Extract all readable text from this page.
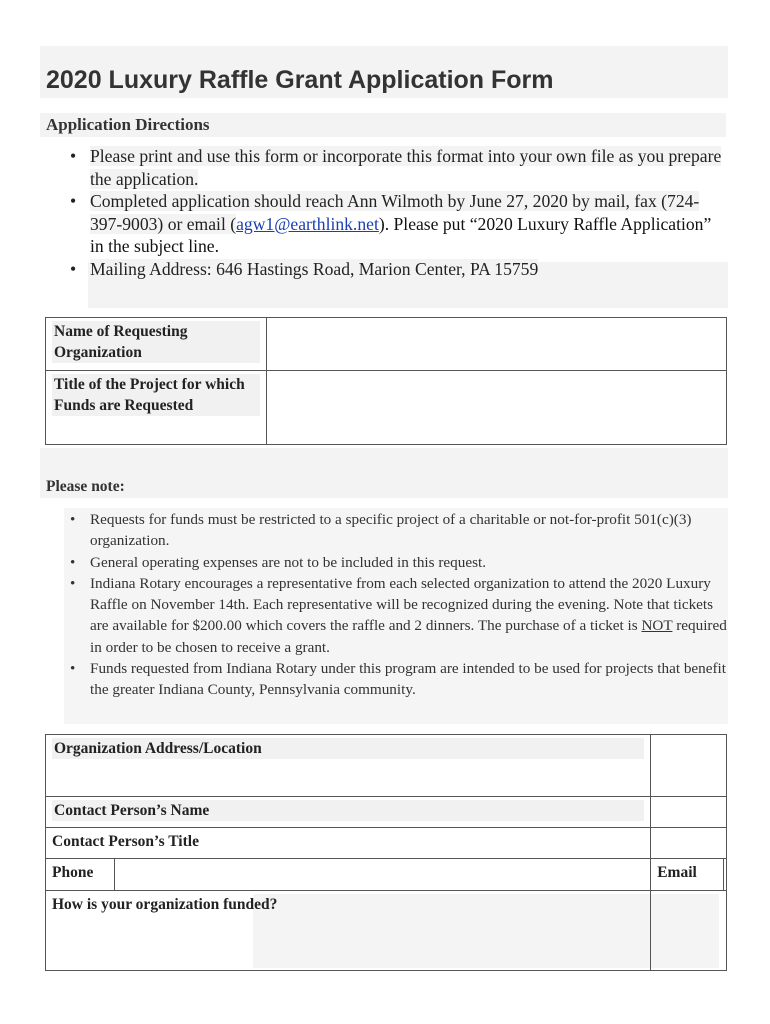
2020 Luxury Raffle Grant Application Form
Application Directions
• Please print and use this form or incorporate this format into your own file as you prepare the application.
• Completed application should reach Ann Wilmoth by June 27, 2020 by mail, fax (724-397-9003) or email (agw1@earthlink.net). Please put “2020 Luxury Raffle Application” in the subject line.
• Mailing Address: 646 Hastings Road, Marion Center, PA 15759
Name of Requesting Organization	

Title of the Project for which Funds are Requested	

Please note:
• Requests for funds must be restricted to a specific project of a charitable or not-for-profit 501(c)(3) organization.
• General operating expenses are not to be included in this request.
• Indiana Rotary encourages a representative from each selected organization to attend the 2020 Luxury Raffle on November 14th. Each representative will be recognized during the evening. Note that tickets are available for $200.00 which covers the raffle and 2 dinners. The purchase of a ticket is NOT required in order to be chosen to receive a grant.
• Funds requested from Indiana Rotary under this program are intended to be used for projects that benefit the greater Indiana County, Pennsylvania community.
Organization Address/Location			

Contact Person’s Name			

Contact Person’s Title			

Phone		Email	

How is your organization funded?			
